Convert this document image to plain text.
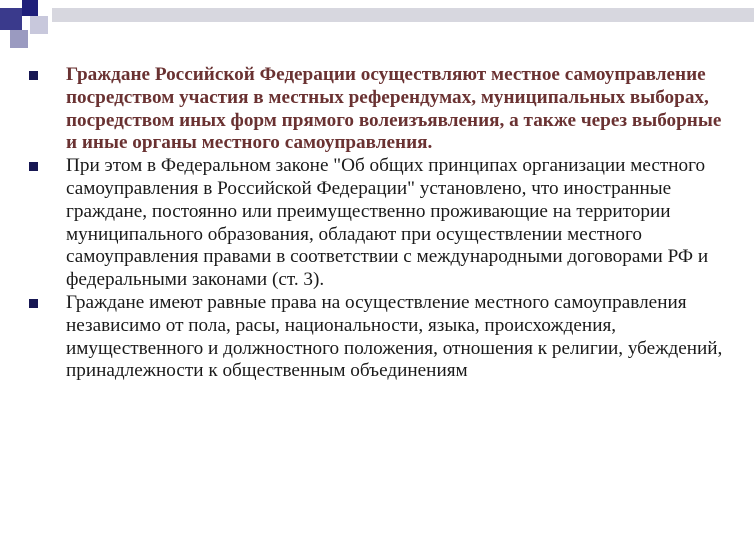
Граждане Российской Федерации осуществляют местное самоуправление посредством участия в местных референдумах, муниципальных выборах, посредством иных форм прямого волеизъявления, а также через выборные и иные органы местного самоуправления.
При этом в Федеральном законе "Об общих принципах организации местного самоуправления в Российской Федерации" установлено, что иностранные граждане, постоянно или преимущественно проживающие на территории муниципального образования, обладают при осуществлении местного самоуправления правами в соответствии с международными договорами РФ и федеральными законами (ст. 3).
Граждане имеют равные права на осуществление местного самоуправления независимо от пола, расы, национальности, языка, происхождения, имущественного и должностного положения, отношения к религии, убеждений, принадлежности к общественным объединениям
